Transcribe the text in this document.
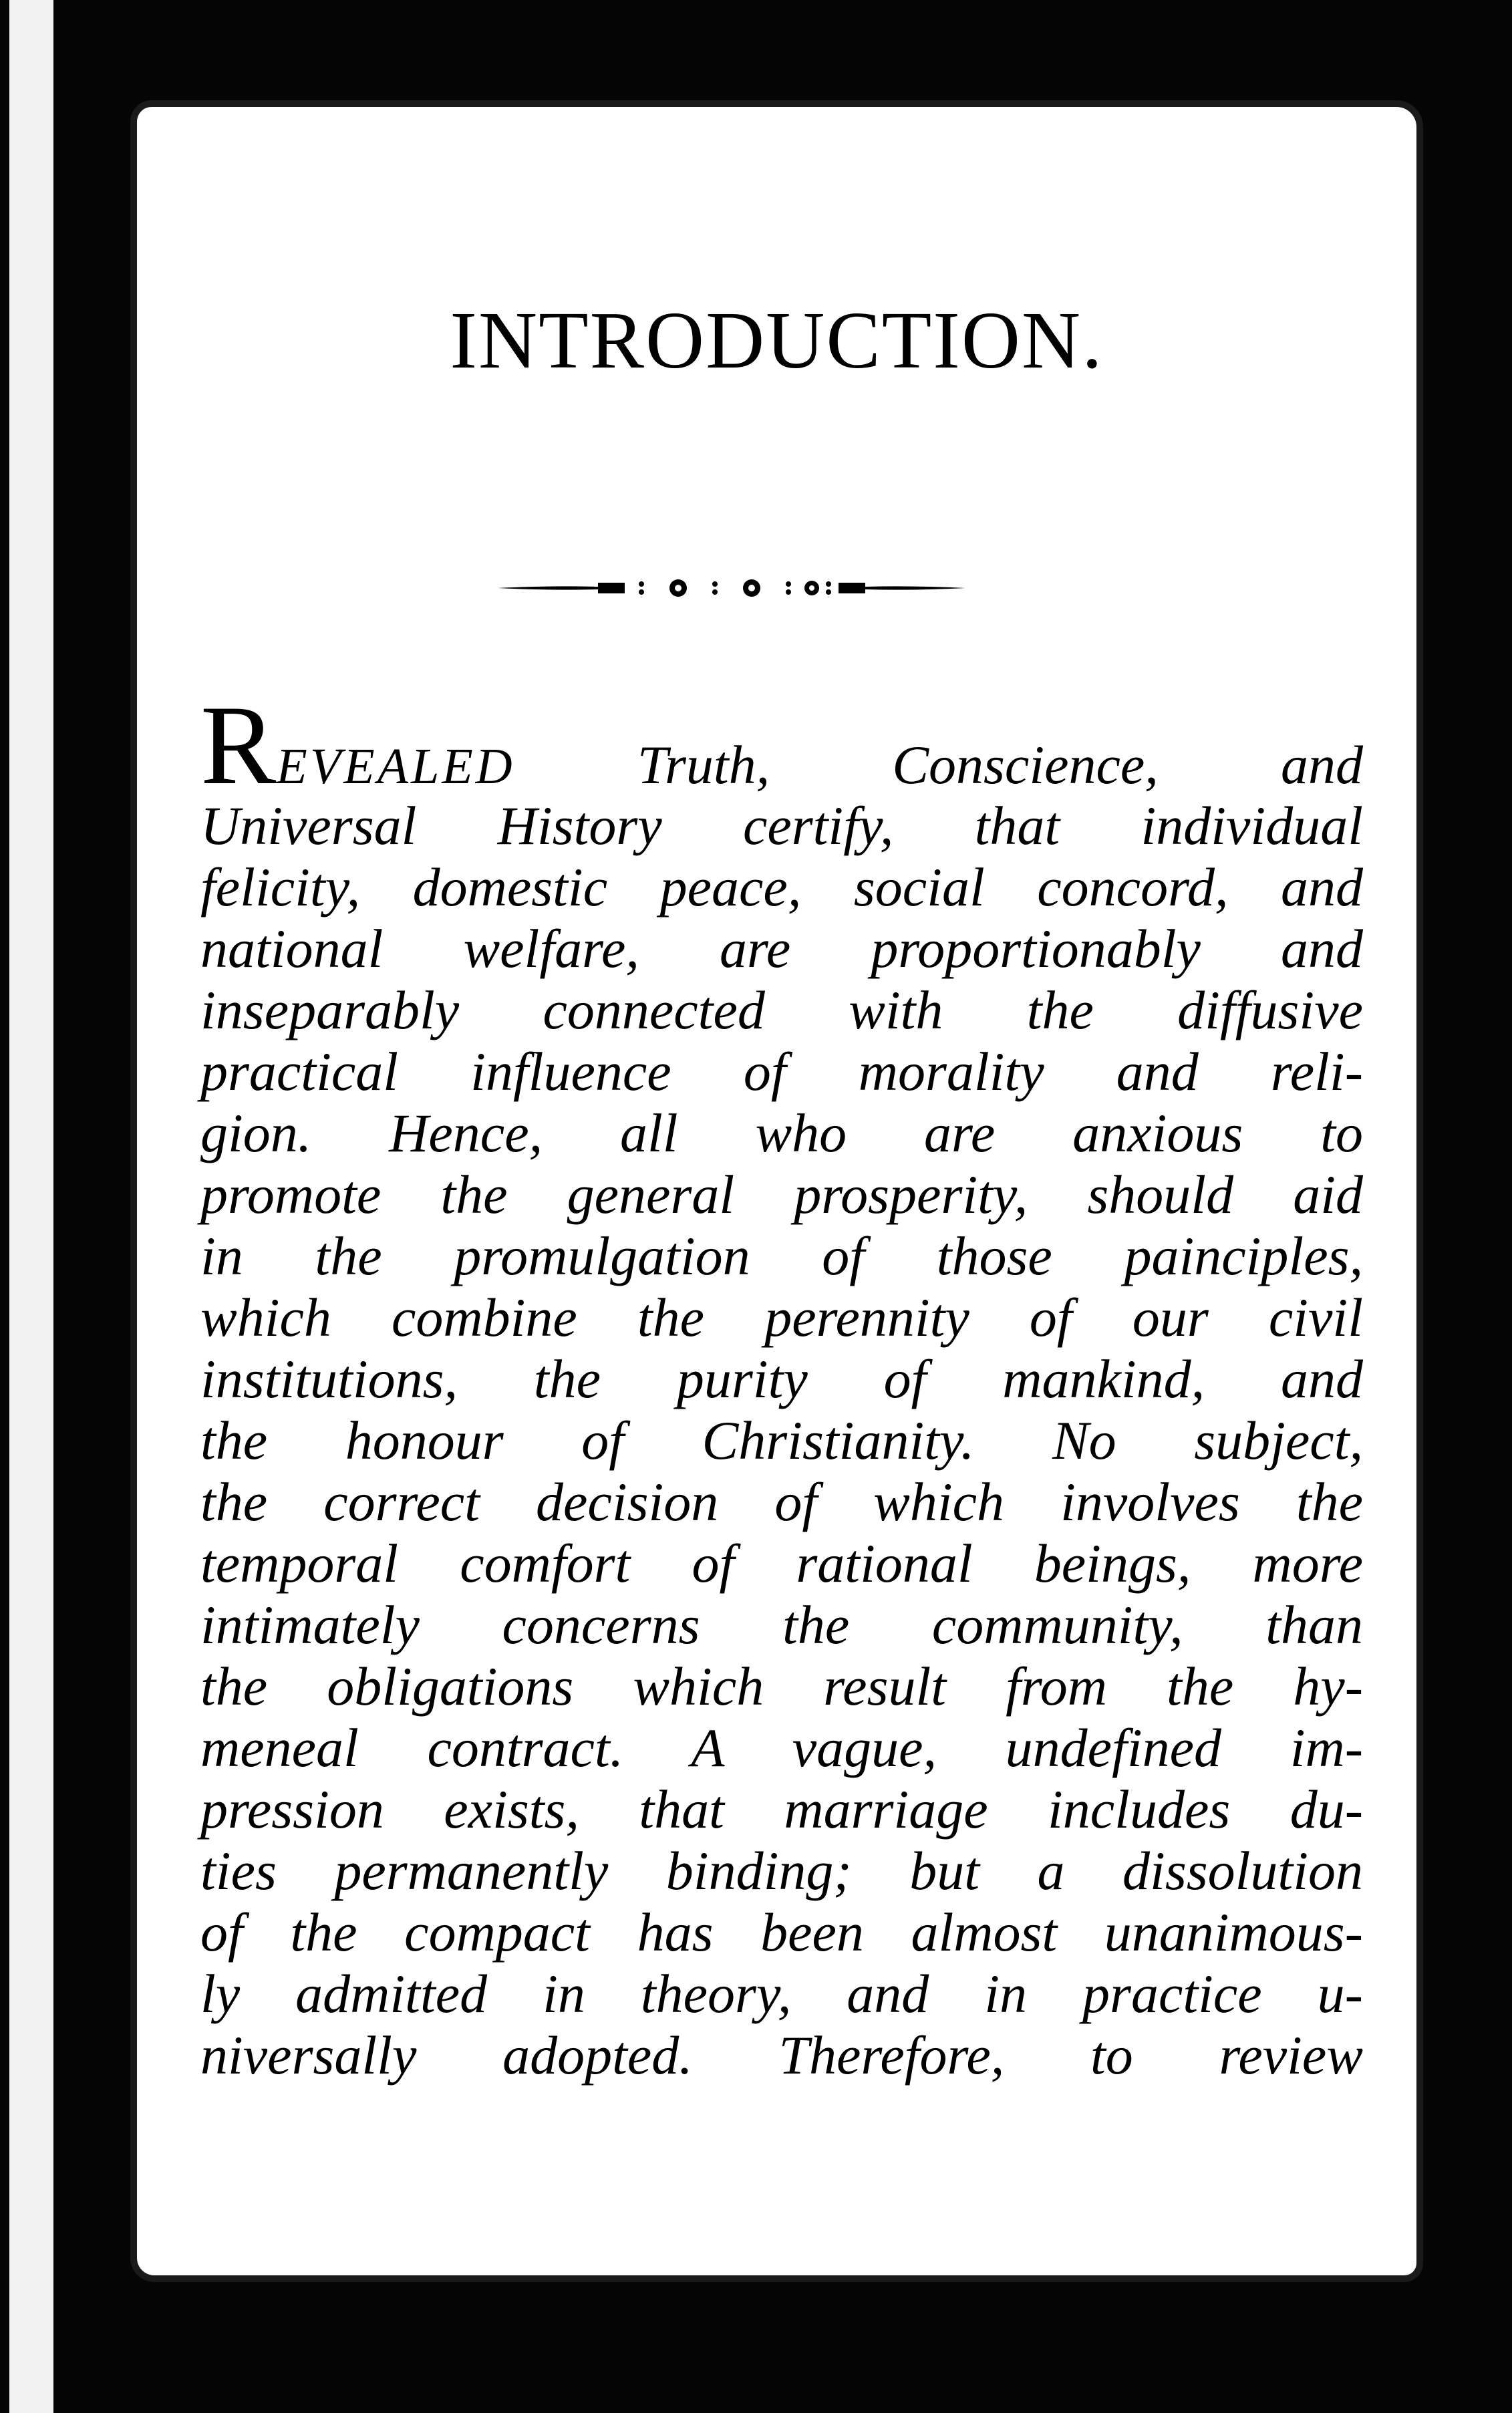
INTRODUCTION.
REVEALED Truth, Conscience, and
Universal History certify, that individual
felicity, domestic peace, social concord, and
national welfare, are proportionably and
inseparably connected with the diffusive
practical influence of morality and reli-
gion. Hence, all who are anxious to
promote the general prosperity, should aid
in the promulgation of those painciples,
which combine the perennity of our civil
institutions, the purity of mankind, and
the honour of Christianity. No subject,
the correct decision of which involves the
temporal comfort of rational beings, more
intimately concerns the community, than
the obligations which result from the hy-
meneal contract. A vague, undefined im-
pression exists, that marriage includes du-
ties permanently binding; but a dissolution
of the compact has been almost unanimous-
ly admitted in theory, and in practice u-
niversally adopted. Therefore, to review
